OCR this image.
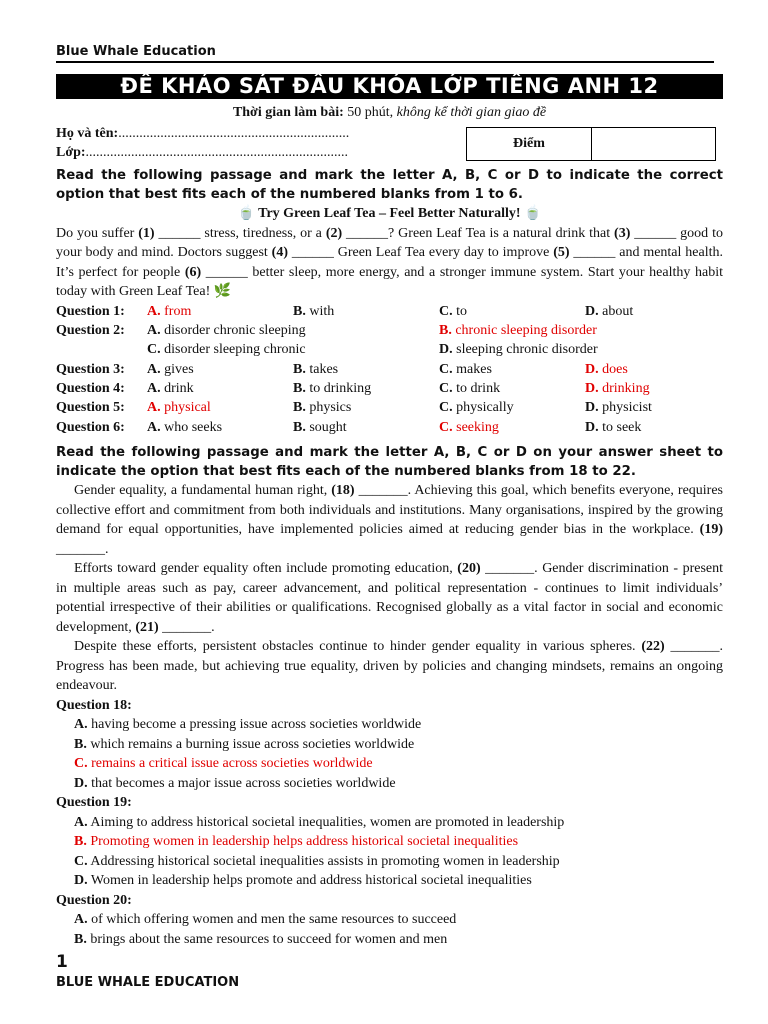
Blue Whale Education
ĐỀ KHẢO SÁT ĐẦU KHÓA LỚP TIẾNG ANH 12
Thời gian làm bài: 50 phút, không kể thời gian giao đề
Họ và tên:..................................................................
Lớp:...........................................................................
Điểm

Read the following passage and mark the letter A, B, C or D to indicate the correct option that best fits each of the numbered blanks from 1 to 6.

🍵 Try Green Leaf Tea – Feel Better Naturally! 🍵

Do you suffer (1) ______ stress, tiredness, or a (2) ______? Green Leaf Tea is a natural drink that (3) ______ good to your body and mind. Doctors suggest (4) ______ Green Leaf Tea every day to improve (5) ______ and mental health. It’s perfect for people (6) ______ better sleep, more energy, and a stronger immune system. Start your healthy habit today with Green Leaf Tea! 🌿

Question 1:	A. from	B. with	C. to	D. about
Question 2:	A. disorder chronic sleeping	B. chronic sleeping disorder
C. disorder sleeping chronic	D. sleeping chronic disorder
Question 3:	A. gives	B. takes	C. makes	D. does
Question 4:	A. drink	B. to drinking	C. to drink	D. drinking
Question 5:	A. physical	B. physics	C. physically	D. physicist
Question 6:	A. who seeks	B. sought	C. seeking	D. to seek

Read the following passage and mark the letter A, B, C or D on your answer sheet to indicate the option that best fits each of the numbered blanks from 18 to 22.

Gender equality, a fundamental human right, (18) _______. Achieving this goal, which benefits everyone, requires collective effort and commitment from both individuals and institutions. Many organisations, inspired by the growing demand for equal opportunities, have implemented policies aimed at reducing gender bias in the workplace. (19) _______.

Efforts toward gender equality often include promoting education, (20) _______. Gender discrimination - present in multiple areas such as pay, career advancement, and political representation - continues to limit individuals’ potential irrespective of their abilities or qualifications. Recognised globally as a vital factor in social and economic development, (21) _______.

Despite these efforts, persistent obstacles continue to hinder gender equality in various spheres. (22) _______. Progress has been made, but achieving true equality, driven by policies and changing mindsets, remains an ongoing endeavour.

Question 18:

A. having become a pressing issue across societies worldwide

B. which remains a burning issue across societies worldwide

C. remains a critical issue across societies worldwide

D. that becomes a major issue across societies worldwide

Question 19:

A. Aiming to address historical societal inequalities, women are promoted in leadership

B. Promoting women in leadership helps address historical societal inequalities

C. Addressing historical societal inequalities assists in promoting women in leadership

D. Women in leadership helps promote and address historical societal inequalities

Question 20:

A. of which offering women and men the same resources to succeed

B. brings about the same resources to succeed for women and men

1
BLUE WHALE EDUCATION
